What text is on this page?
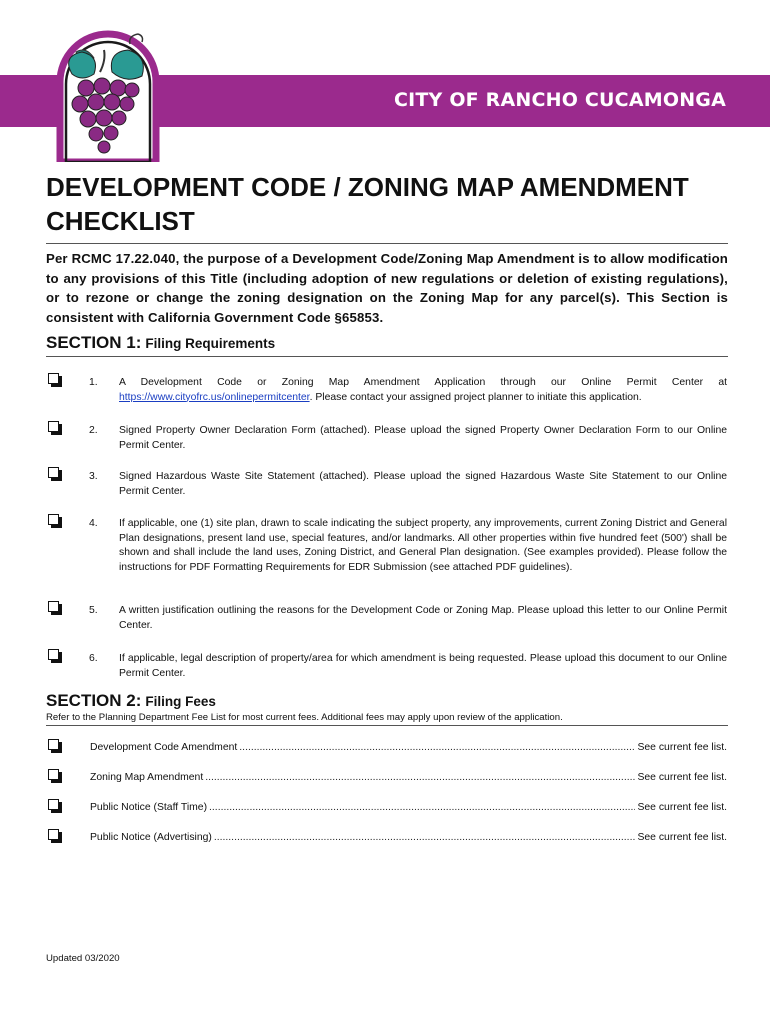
CITY OF RANCHO CUCAMONGA
DEVELOPMENT CODE / ZONING MAP AMENDMENT CHECKLIST
Per RCMC 17.22.040, the purpose of a Development Code/Zoning Map Amendment is to allow modification to any provisions of this Title (including adoption of new regulations or deletion of existing regulations), or to rezone or change the zoning designation on the Zoning Map for any parcel(s). This Section is consistent with California Government Code §65853.
SECTION 1: Filing Requirements
1. A Development Code or Zoning Map Amendment Application through our Online Permit Center at https://www.cityofrc.us/onlinepermitcenter. Please contact your assigned project planner to initiate this application.
2. Signed Property Owner Declaration Form (attached). Please upload the signed Property Owner Declaration Form to our Online Permit Center.
3. Signed Hazardous Waste Site Statement (attached). Please upload the signed Hazardous Waste Site Statement to our Online Permit Center.
4. If applicable, one (1) site plan, drawn to scale indicating the subject property, any improvements, current Zoning District and General Plan designations, present land use, special features, and/or landmarks. All other properties within five hundred feet (500') shall be shown and shall include the land uses, Zoning District, and General Plan designation. (See examples provided). Please follow the instructions for PDF Formatting Requirements for EDR Submission (see attached PDF guidelines).
5. A written justification outlining the reasons for the Development Code or Zoning Map. Please upload this letter to our Online Permit Center.
6. If applicable, legal description of property/area for which amendment is being requested. Please upload this document to our Online Permit Center.
SECTION 2: Filing Fees
Refer to the Planning Department Fee List for most current fees. Additional fees may apply upon review of the application.
Development Code Amendment .....	See current fee list.
Zoning Map Amendment .....	See current fee list.
Public Notice (Staff Time) .....	See current fee list.
Public Notice (Advertising) .....	See current fee list.
Updated 03/2020
